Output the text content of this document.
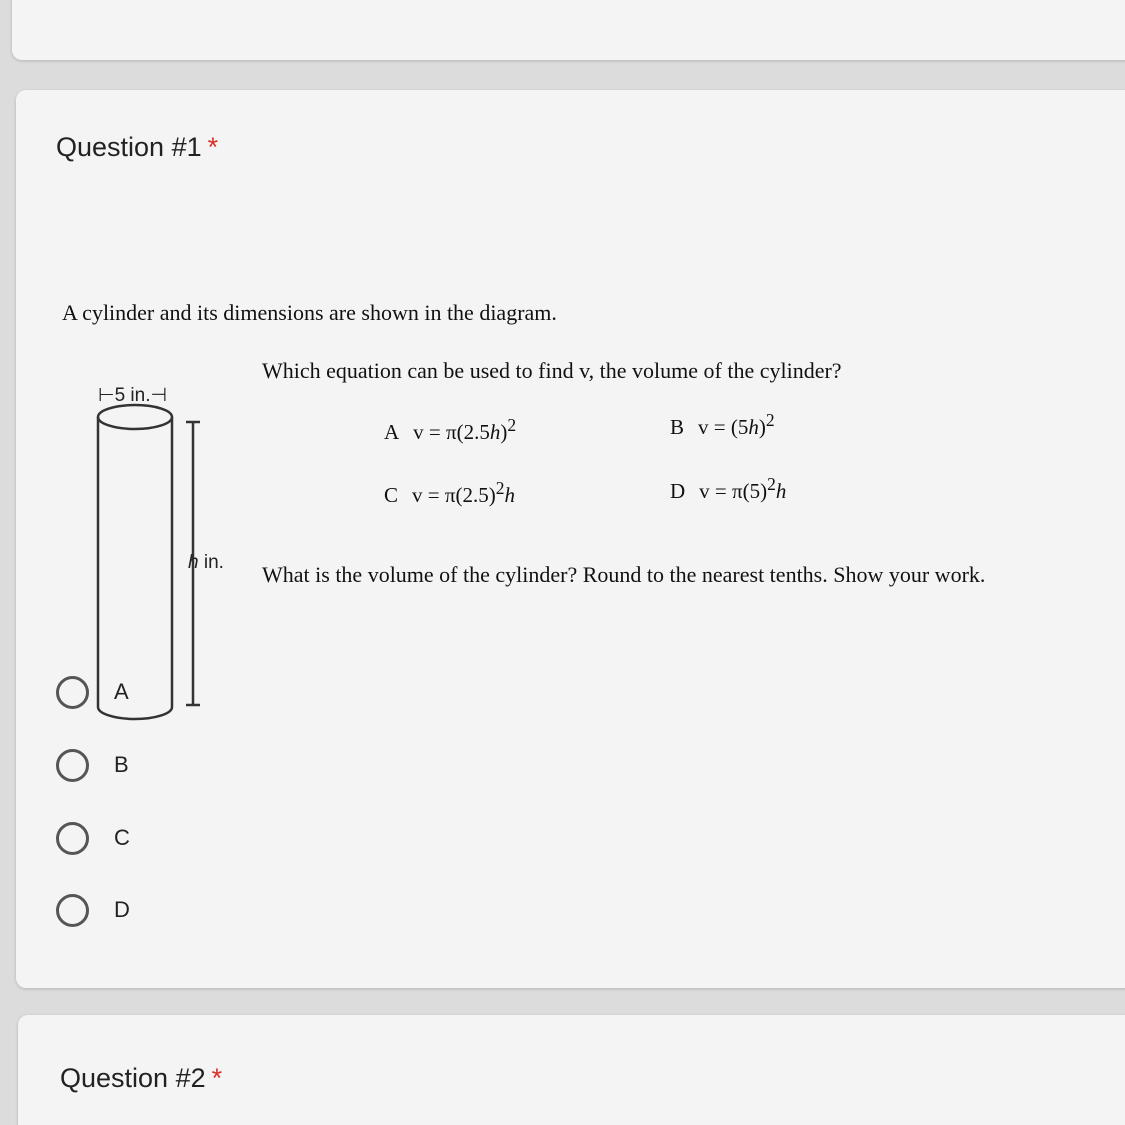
Question #1 *
A cylinder and its dimensions are shown in the diagram.
Which equation can be used to find v, the volume of the cylinder?
⊢5 in.⊣
h in.
A $v = \pi(2.5h)^2$	B $v = (5h)^2$
C $v = \pi(2.5)^2h$	D $v = \pi(5)^2h$
What is the volume of the cylinder? Round to the nearest tenths. Show your work.
A
B
C
D
Question #2 *
